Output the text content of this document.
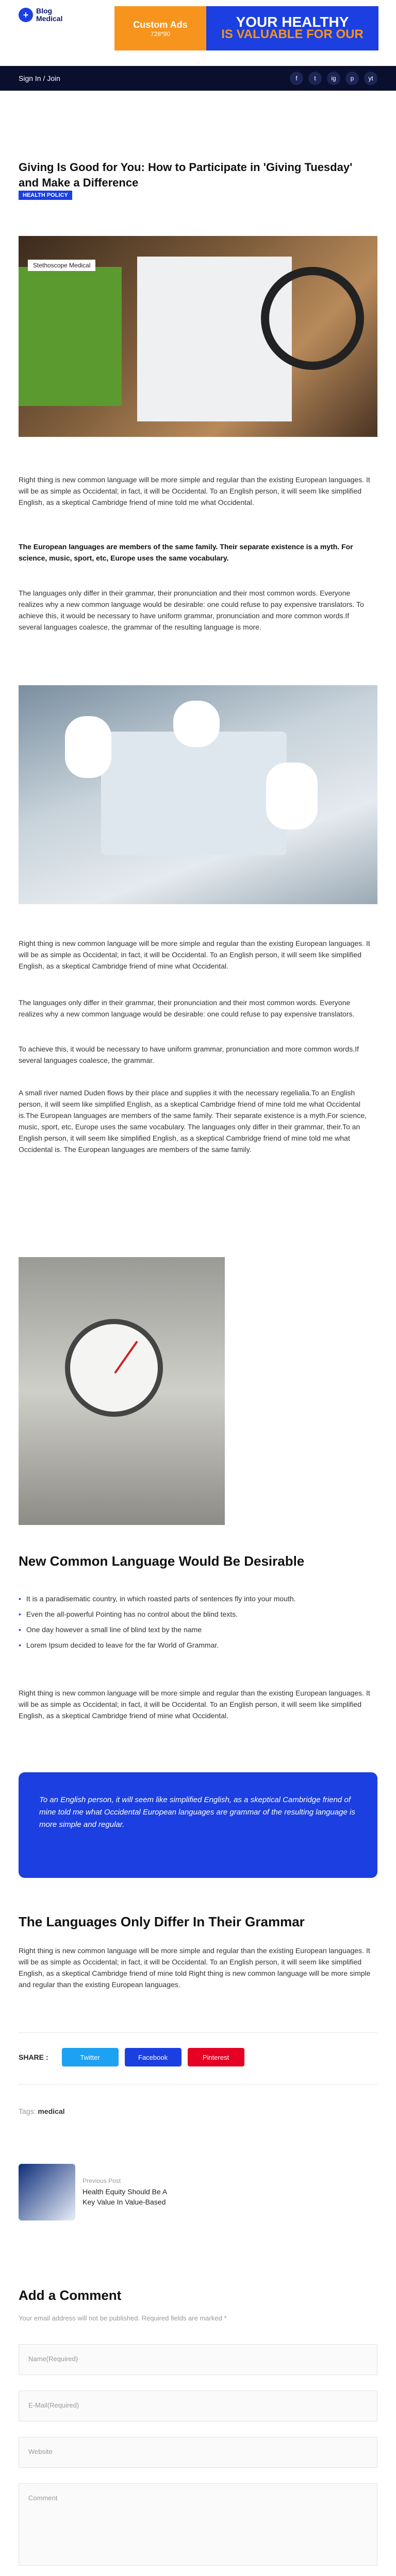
+	Blog
Medical
Custom Ads
728*90
YOUR HEALTHY
IS VALUABLE FOR OUR
Sign In / Join	f	t	ig	p	yt
Giving Is Good for You: How to Participate in 'Giving Tuesday' and Make a Difference
HEALTH POLICY
Stethoscope Medical
Right thing is new common language will be more simple and regular than the existing European languages. It will be as simple as Occidental; in fact, it will be Occidental. To an English person, it will seem like simplified English, as a skeptical Cambridge friend of mine told me what Occidental.
The European languages are members of the same family. Their separate existence is a myth. For science, music, sport, etc, Europe uses the same vocabulary.
The languages only differ in their grammar, their pronunciation and their most common words. Everyone realizes why a new common language would be desirable: one could refuse to pay expensive translators. To achieve this, it would be necessary to have uniform grammar, pronunciation and more common words.If several languages coalesce, the grammar of the resulting language is more.
Right thing is new common language will be more simple and regular than the existing European languages. It will be as simple as Occidental; in fact, it will be Occidental. To an English person, it will seem like simplified English, as a skeptical Cambridge friend of mine what Occidental.
The languages only differ in their grammar, their pronunciation and their most common words. Everyone realizes why a new common language would be desirable: one could refuse to pay expensive translators.
To achieve this, it would be necessary to have uniform grammar, pronunciation and more common words.If several languages coalesce, the grammar.
A small river named Duden flows by their place and supplies it with the necessary regelialia.To an English person, it will seem like simplified English, as a skeptical Cambridge friend of mine told me what Occidental is.The European languages are members of the same family. Their separate existence is a myth.For science, music, sport, etc, Europe uses the same vocabulary. The languages only differ in their grammar, their.To an English person, it will seem like simplified English, as a skeptical Cambridge friend of mine told me what Occidental is. The European languages are members of the same family.
New Common Language Would Be Desirable
• It is a paradisematic country, in which roasted parts of sentences fly into your mouth.
• Even the all-powerful Pointing has no control about the blind texts.
• One day however a small line of blind text by the name
• Lorem Ipsum decided to leave for the far World of Grammar.
Right thing is new common language will be more simple and regular than the existing European languages. It will be as simple as Occidental; in fact, it will be Occidental. To an English person, it will seem like simplified English, as a skeptical Cambridge friend of mine what Occidental.
To an English person, it will seem like simplified English, as a skeptical Cambridge friend of mine told me what Occidental European languages are grammar of the resulting language is more simple and regular.
The Languages Only Differ In Their Grammar
Right thing is new common language will be more simple and regular than the existing European languages. It will be as simple as Occidental; in fact, it will be Occidental. To an English person, it will seem like simplified English, as a skeptical Cambridge friend of mine told Right thing is new common language will be more simple and regular than the existing European languages.
SHARE :	Twitter	Facebook	Pinterest
Tags: medical
Previous Post
Health Equity Should Be A Key Value In Value-Based
Add a Comment
Your email address will not be published. Required fields are marked *
Name(Required)
E-Mail(Required)
Website
Comment
